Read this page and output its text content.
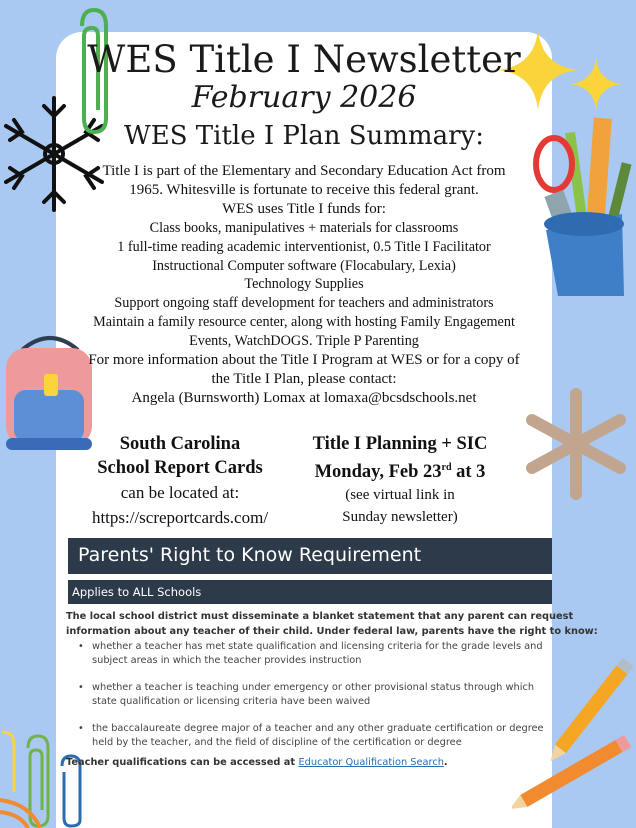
WES Title I Newsletter
February 2026
WES Title I Plan Summary:
Title I is part of the Elementary and Secondary Education Act from
1965. Whitesville is fortunate to receive this federal grant.
WES uses Title I funds for:
Class books, manipulatives + materials for classrooms
1 full-time reading academic interventionist, 0.5 Title I Facilitator
Instructional Computer software (Flocabulary, Lexia)
Technology Supplies
Support ongoing staff development for teachers and administrators
Maintain a family resource center, along with hosting Family Engagement
Events, WatchDOGS. Triple P Parenting
For more information about the Title I Program at WES or for a copy of
the Title I Plan, please contact:
Angela (Burnsworth) Lomax at lomaxa@bcsdschools.net
South Carolina
School Report Cards
can be located at:
https://screportcards.com/
Title I Planning + SIC
Monday, Feb 23rd at 3
(see virtual link in
Sunday newsletter)
Parents' Right to Know Requirement
Applies to ALL Schools
The local school district must disseminate a blanket statement that any parent can request
information about any teacher of their child. Under federal law, parents have the right to know:
• whether a teacher has met state qualification and licensing criteria for the grade levels and subject areas in which the teacher provides instruction
• whether a teacher is teaching under emergency or other provisional status through which state qualification or licensing criteria have been waived
• the baccalaureate degree major of a teacher and any other graduate certification or degree held by the teacher, and the field of discipline of the certification or degree
Teacher qualifications can be accessed at Educator Qualification Search.
